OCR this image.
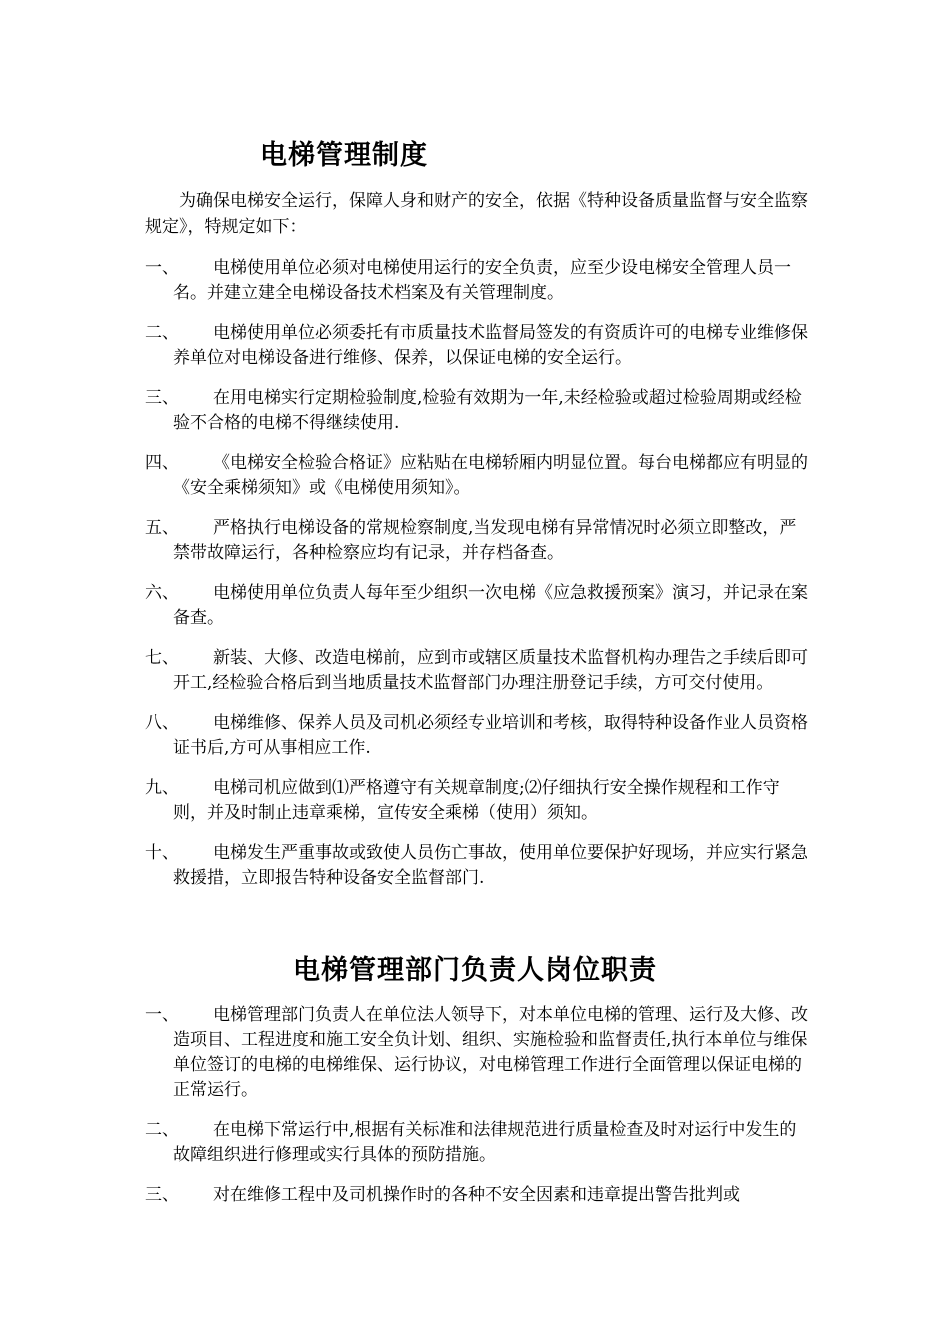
电梯管理制度

为确保电梯安全运行，保障人身和财产的安全，依据《特种设备质量监督与安全监察规定》，特规定如下：

一、	电梯使用单位必须对电梯使用运行的安全负责，应至少设电梯安全管理人员一名。并建立建全电梯设备技术档案及有关管理制度。
二、	电梯使用单位必须委托有市质量技术监督局签发的有资质许可的电梯专业维修保养单位对电梯设备进行维修、保养，以保证电梯的安全运行。
三、	在用电梯实行定期检验制度,检验有效期为一年,未经检验或超过检验周期或经检验不合格的电梯不得继续使用.
四、	《电梯安全检验合格证》应粘贴在电梯轿厢内明显位置。每台电梯都应有明显的《安全乘梯须知》或《电梯使用须知》。
五、	严格执行电梯设备的常规检察制度,当发现电梯有异常情况时必须立即整改，严禁带故障运行，各种检察应均有记录，并存档备查。
六、	电梯使用单位负责人每年至少组织一次电梯《应急救援预案》演习，并记录在案备查。
七、	新装、大修、改造电梯前，应到市或辖区质量技术监督机构办理告之手续后即可开工,经检验合格后到当地质量技术监督部门办理注册登记手续，方可交付使用。
八、	电梯维修、保养人员及司机必须经专业培训和考核，取得特种设备作业人员资格证书后,方可从事相应工作.
九、	电梯司机应做到⑴严格遵守有关规章制度;⑵仔细执行安全操作规程和工作守则，并及时制止违章乘梯，宣传安全乘梯（使用）须知。
十、	电梯发生严重事故或致使人员伤亡事故，使用单位要保护好现场，并应实行紧急救援措，立即报告特种设备安全监督部门.
电梯管理部门负责人岗位职责
一、	电梯管理部门负责人在单位法人领导下，对本单位电梯的管理、运行及大修、改造项目、工程进度和施工安全负计划、组织、实施检验和监督责任,执行本单位与维保单位签订的电梯的电梯维保、运行协议，对电梯管理工作进行全面管理以保证电梯的正常运行。
二、	在电梯下常运行中,根据有关标准和法律规范进行质量检查及时对运行中发生的故障组织进行修理或实行具体的预防措施。
三、	对在维修工程中及司机操作时的各种不安全因素和违章提出警告批判或
